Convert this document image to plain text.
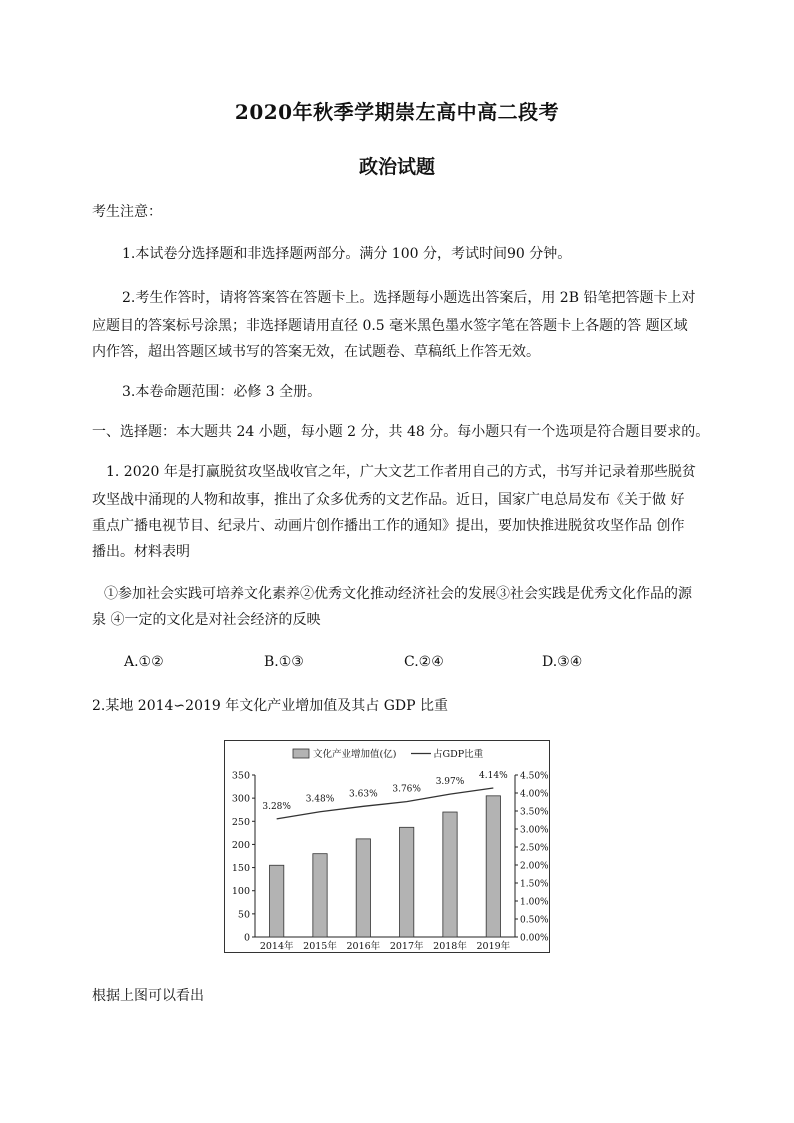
2020年秋季学期崇左高中高二段考
政治试题
考生注意：
1.本试卷分选择题和非选择题两部分。满分 100 分，考试时间90 分钟。
2.考生作答时，请将答案答在答题卡上。选择题每小题选出答案后，用 2B 铅笔把答题卡上对
应题目的答案标号涂黑；非选择题请用直径 0.5 毫米黑色墨水签字笔在答题卡上各题的答 题区域
内作答，超出答题区域书写的答案无效，在试题卷、草稿纸上作答无效。
3.本卷命题范围：必修 3 全册。
一、选择题：本大题共 24 小题，每小题 2 分，共 48 分。每小题只有一个选项是符合题目要求的。
1. 2020 年是打赢脱贫攻坚战收官之年，广大文艺工作者用自己的方式，书写并记录着那些脱贫
攻坚战中涌现的人物和故事，推出了众多优秀的文艺作品。近日，国家广电总局发布《关于做 好
重点广播电视节目、纪录片、动画片创作播出工作的通知》提出，要加快推进脱贫攻坚作品 创作
播出。材料表明
①参加社会实践可培养文化素养②优秀文化推动经济社会的发展③社会实践是优秀文化作品的源
泉 ④一定的文化是对社会经济的反映
A.①②	B.①③	C.②④	D.③④
2.某地 2014∽2019 年文化产业增加值及其占 GDP 比重
0
50
100
150
200
250
300
350
0.00%
0.50%
1.00%
1.50%
2.00%
2.50%
3.00%
3.50%
4.00%
4.50%
2014年 2015年 2016年 2017年 2018年 2019年
3.28%
3.48%
3.63% 3.76%
3.97%
4.14%
文化产业增加值(亿)	占GDP比重
根据上图可以看出
